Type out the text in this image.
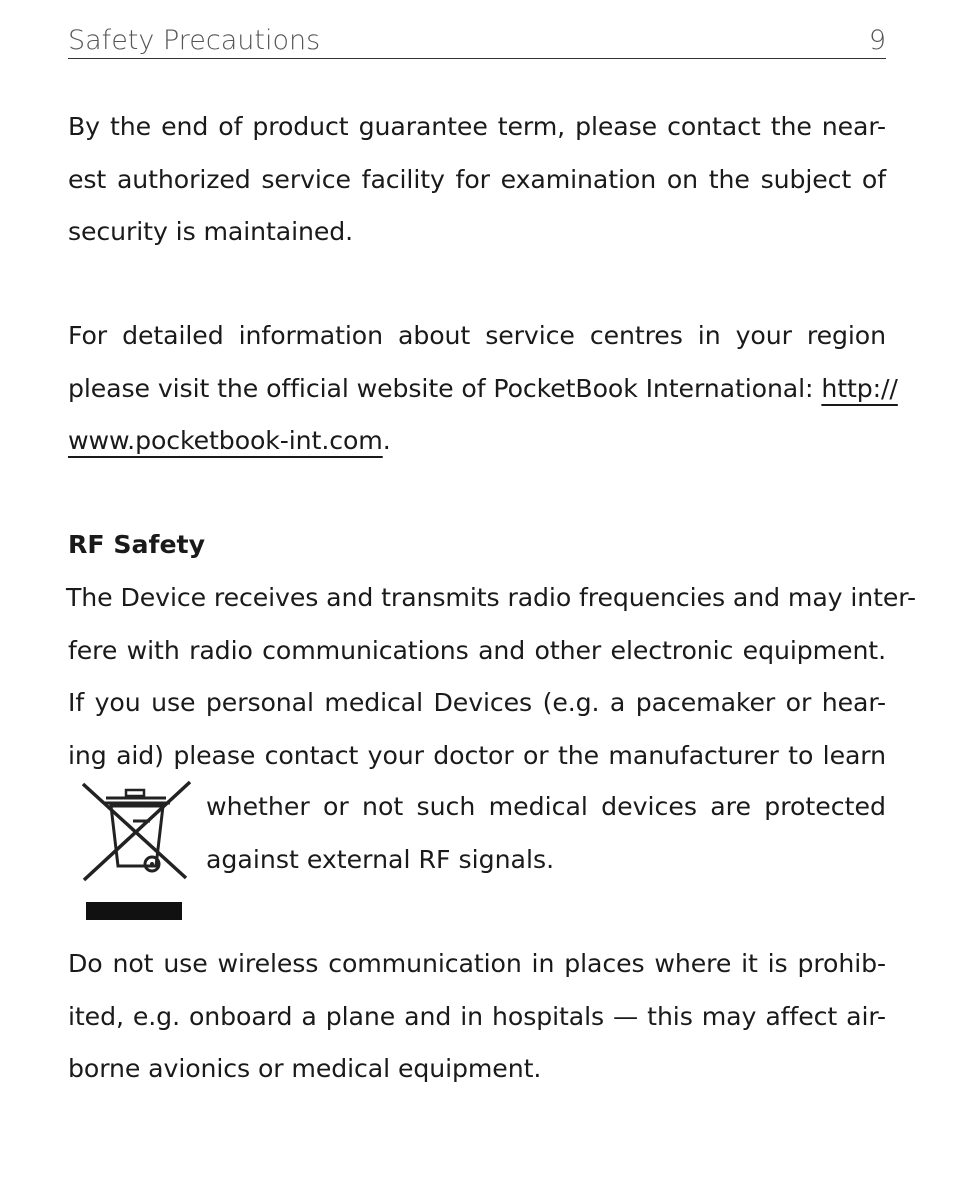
Safety Precautions	9
By the end of product guarantee term, please contact the near-
est authorized service facility for examination on the subject of
security is maintained.
For detailed information about service centres in your region
please visit the official website of PocketBook International: http://
www.pocketbook-int.com.
RF Safety
The Device receives and transmits radio frequencies and may inter-
fere with radio communications and other electronic equipment.
If you use personal medical Devices (e.g. a pacemaker or hear-
ing aid) please contact your doctor or the manufacturer to learn
whether or not such medical devices are protected
against external RF signals.
Do not use wireless communication in places where it is prohib-
ited, e.g. onboard a plane and in hospitals — this may affect air-
borne avionics or medical equipment.
